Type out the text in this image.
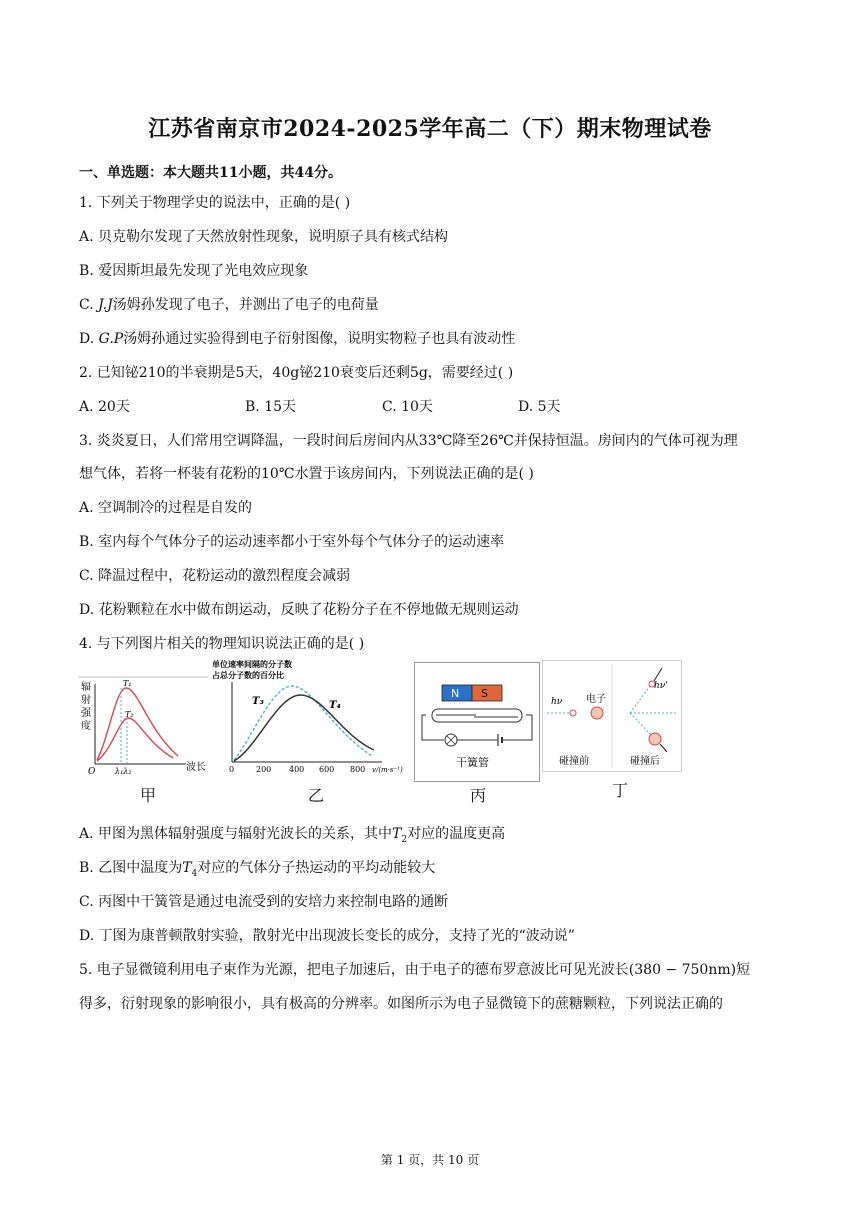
江苏省南京市2024-2025学年高二（下）期末物理试卷
一、单选题：本大题共11小题，共44分。
1. 下列关于物理学史的说法中，正确的是( )
A. 贝克勒尔发现了天然放射性现象，说明原子具有核式结构
B. 爱因斯坦最先发现了光电效应现象
C. J.J汤姆孙发现了电子，并测出了电子的电荷量
D. G.P汤姆孙通过实验得到电子衍射图像，说明实物粒子也具有波动性
2. 已知铋210的半衰期是5天，40g铋210衰变后还剩5g，需要经过( )
A. 20天	B. 15天	C. 10天	D. 5天
3. 炎炎夏日，人们常用空调降温，一段时间后房间内从33℃降至26℃并保持恒温。房间内的气体可视为理
想气体，若将一杯装有花粉的10℃水置于该房间内，下列说法正确的是( )
A. 空调制冷的过程是自发的
B. 室内每个气体分子的运动速率都小于室外每个气体分子的运动速率
C. 降温过程中，花粉运动的激烈程度会减弱
D. 花粉颗粒在水中做布朗运动，反映了花粉分子在不停地做无规则运动
4. 与下列图片相关的物理知识说法正确的是( )
辐
射
强
度
T₁
T₂
O λ₁λ₂	波长
单位速率间隔的分子数
占总分子数的百分比
T₃	T₄
0	200 400 600 800 v/(m·s⁻¹)
N S
干簧管
hν 电子
hν'
碰撞前	碰撞后
甲	乙	丙	丁
A. 甲图为黑体辐射强度与辐射光波长的关系，其中$T_2$对应的温度更高
B. 乙图中温度为$T_4$对应的气体分子热运动的平均动能较大
C. 丙图中干簧管是通过电流受到的安培力来控制电路的通断
D. 丁图为康普顿散射实验，散射光中出现波长变长的成分，支持了光的“波动说”
5. 电子显微镜利用电子束作为光源，把电子加速后，由于电子的德布罗意波比可见光波长(380 − 750nm)短
得多，衍射现象的影响很小，具有极高的分辨率。如图所示为电子显微镜下的蔗糖颗粒，下列说法正确的
第 1 页，共 10 页
